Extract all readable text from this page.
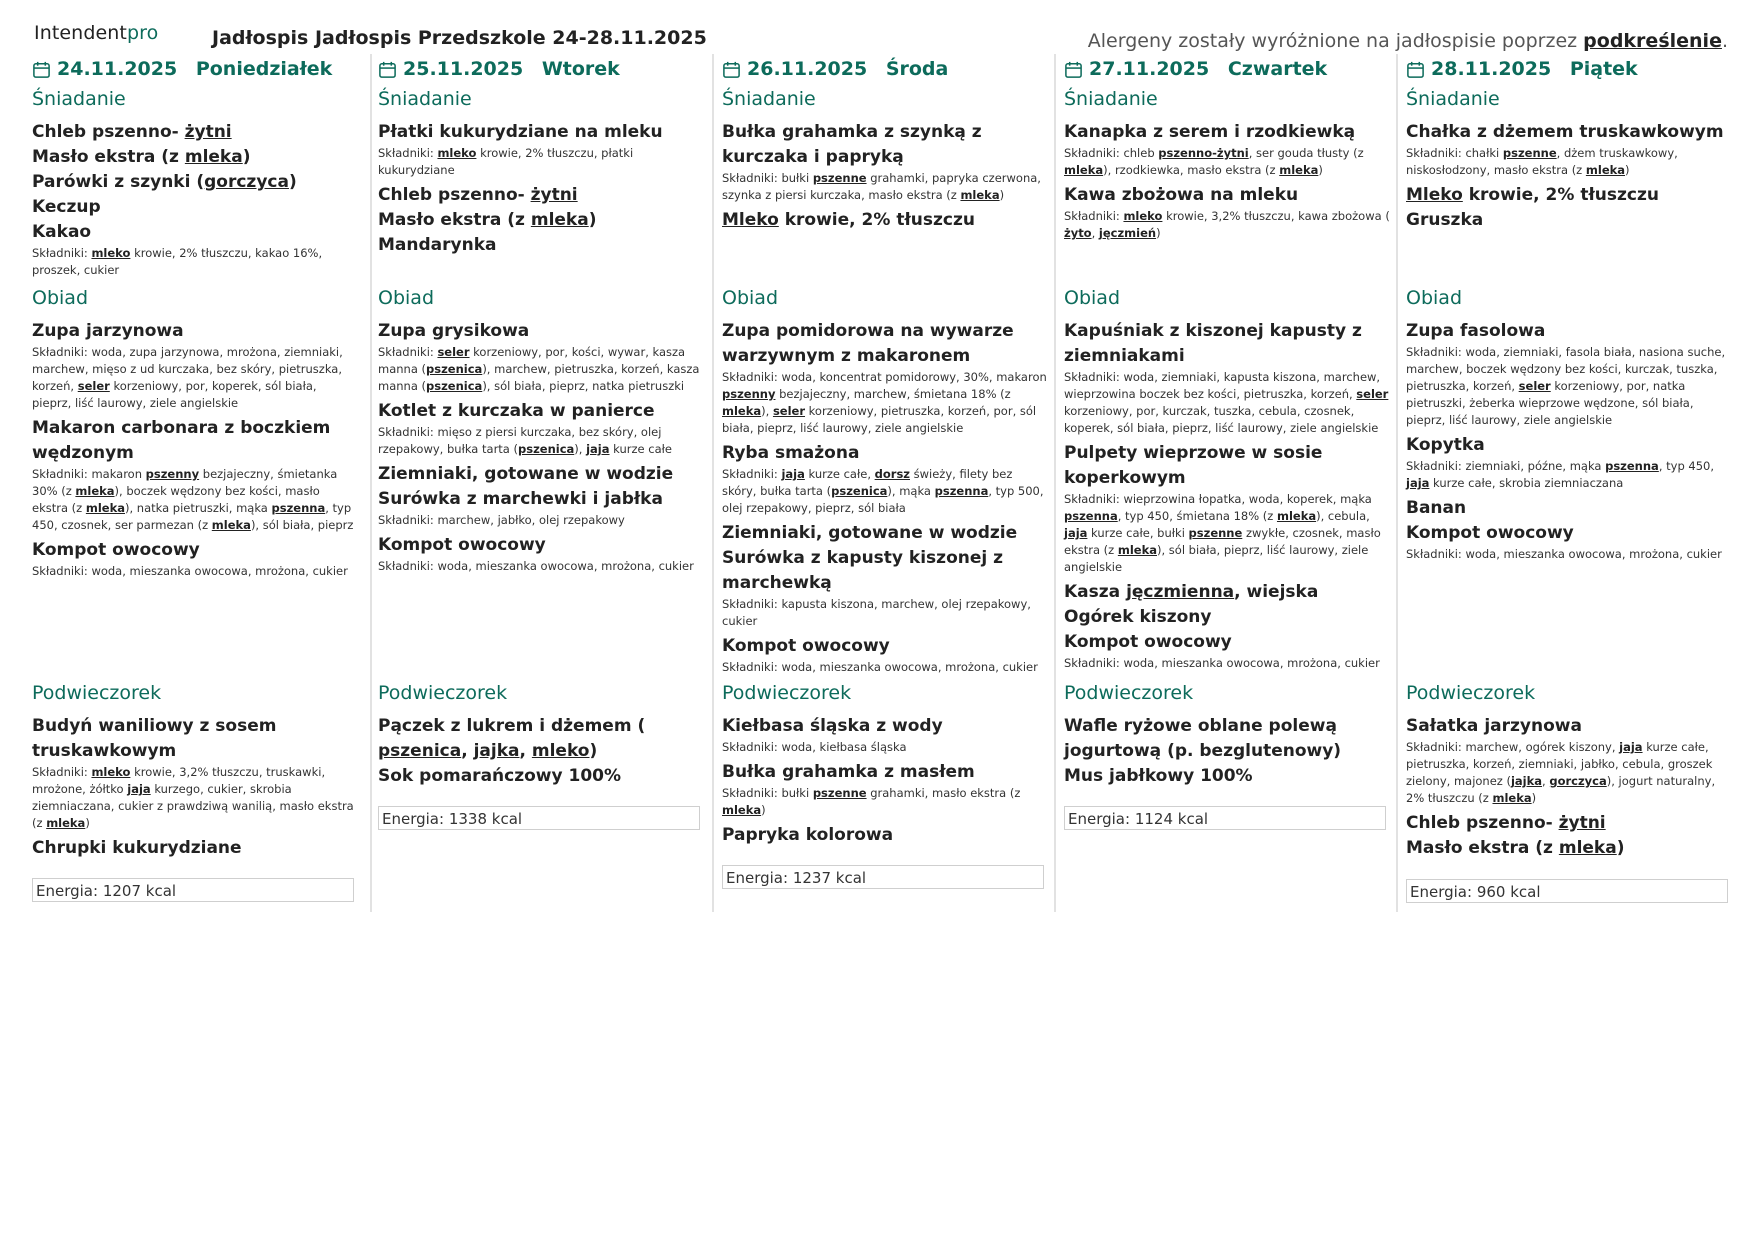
Intendentpro	Jadłospis Jadłospis Przedszkole 24-28.11.2025	Alergeny zostały wyróżnione na jadłospisie poprzez podkreślenie.
24.11.2025
Poniedziałek
Śniadanie

Chleb pszenno- żytni

Masło ekstra (z mleka)

Parówki z szynki (gorczyca)

Keczup

Kakao

Składniki: mleko krowie, 2% tłuszczu, kakao 16%, proszek, cukier

Obiad

Zupa jarzynowa

Składniki: woda, zupa jarzynowa, mrożona, ziemniaki, marchew, mięso z ud kurczaka, bez skóry, pietruszka, korzeń, seler korzeniowy, por, koperek, sól biała, pieprz, liść laurowy, ziele angielskie

Makaron carbonara z boczkiem wędzonym

Składniki: makaron pszenny bezjajeczny, śmietanka 30% (z mleka), boczek wędzony bez kości, masło ekstra (z mleka), natka pietruszki, mąka pszenna, typ 450, czosnek, ser parmezan (z mleka), sól biała, pieprz

Kompot owocowy

Składniki: woda, mieszanka owocowa, mrożona, cukier

Podwieczorek

Budyń waniliowy z sosem truskawkowym

Składniki: mleko krowie, 3,2% tłuszczu, truskawki, mrożone, żółtko jaja kurzego, cukier, skrobia ziemniaczana, cukier z prawdziwą wanilią, masło ekstra (z mleka)

Chrupki kukurydziane

Energia: 1207 kcal
25.11.2025
Wtorek
Śniadanie

Płatki kukurydziane na mleku

Składniki: mleko krowie, 2% tłuszczu, płatki kukurydziane

Chleb pszenno- żytni

Masło ekstra (z mleka)

Mandarynka

Obiad

Zupa grysikowa

Składniki: seler korzeniowy, por, kości, wywar, kasza manna (pszenica), marchew, pietruszka, korzeń, kasza manna (pszenica), sól biała, pieprz, natka pietruszki

Kotlet z kurczaka w panierce

Składniki: mięso z piersi kurczaka, bez skóry, olej rzepakowy, bułka tarta (pszenica), jaja kurze całe

Ziemniaki, gotowane w wodzie

Surówka z marchewki i jabłka

Składniki: marchew, jabłko, olej rzepakowy

Kompot owocowy

Składniki: woda, mieszanka owocowa, mrożona, cukier

Podwieczorek

Pączek z lukrem i dżemem ( pszenica, jajka, mleko)

Sok pomarańczowy 100%

Energia: 1338 kcal
26.11.2025
Środa
Śniadanie

Bułka grahamka z szynką z kurczaka i papryką

Składniki: bułki pszenne grahamki, papryka czerwona, szynka z piersi kurczaka, masło ekstra (z mleka)

Mleko krowie, 2% tłuszczu

Obiad

Zupa pomidorowa na wywarze warzywnym z makaronem

Składniki: woda, koncentrat pomidorowy, 30%, makaron pszenny bezjajeczny, marchew, śmietana 18% (z mleka), seler korzeniowy, pietruszka, korzeń, por, sól biała, pieprz, liść laurowy, ziele angielskie

Ryba smażona

Składniki: jaja kurze całe, dorsz świeży, filety bez skóry, bułka tarta (pszenica), mąka pszenna, typ 500, olej rzepakowy, pieprz, sól biała

Ziemniaki, gotowane w wodzie

Surówka z kapusty kiszonej z marchewką

Składniki: kapusta kiszona, marchew, olej rzepakowy, cukier

Kompot owocowy

Składniki: woda, mieszanka owocowa, mrożona, cukier

Podwieczorek

Kiełbasa śląska z wody

Składniki: woda, kiełbasa śląska

Bułka grahamka z masłem

Składniki: bułki pszenne grahamki, masło ekstra (z mleka)

Papryka kolorowa

Energia: 1237 kcal
27.11.2025
Czwartek
Śniadanie

Kanapka z serem i rzodkiewką

Składniki: chleb pszenno-żytni, ser gouda tłusty (z mleka), rzodkiewka, masło ekstra (z mleka)

Kawa zbożowa na mleku

Składniki: mleko krowie, 3,2% tłuszczu, kawa zbożowa ( żyto, jęczmień)

Obiad

Kapuśniak z kiszonej kapusty z ziemniakami

Składniki: woda, ziemniaki, kapusta kiszona, marchew, wieprzowina boczek bez kości, pietruszka, korzeń, seler korzeniowy, por, kurczak, tuszka, cebula, czosnek, koperek, sól biała, pieprz, liść laurowy, ziele angielskie

Pulpety wieprzowe w sosie koperkowym

Składniki: wieprzowina łopatka, woda, koperek, mąka pszenna, typ 450, śmietana 18% (z mleka), cebula, jaja kurze całe, bułki pszenne zwykłe, czosnek, masło ekstra (z mleka), sól biała, pieprz, liść laurowy, ziele angielskie

Kasza jęczmienna, wiejska

Ogórek kiszony

Kompot owocowy

Składniki: woda, mieszanka owocowa, mrożona, cukier

Podwieczorek

Wafle ryżowe oblane polewą jogurtową (p. bezglutenowy)

Mus jabłkowy 100%

Energia: 1124 kcal
28.11.2025
Piątek
Śniadanie

Chałka z dżemem truskawkowym

Składniki: chałki pszenne, dżem truskawkowy, niskosłodzony, masło ekstra (z mleka)

Mleko krowie, 2% tłuszczu

Gruszka

Obiad

Zupa fasolowa

Składniki: woda, ziemniaki, fasola biała, nasiona suche, marchew, boczek wędzony bez kości, kurczak, tuszka, pietruszka, korzeń, seler korzeniowy, por, natka pietruszki, żeberka wieprzowe wędzone, sól biała, pieprz, liść laurowy, ziele angielskie

Kopytka

Składniki: ziemniaki, późne, mąka pszenna, typ 450, jaja kurze całe, skrobia ziemniaczana

Banan

Kompot owocowy

Składniki: woda, mieszanka owocowa, mrożona, cukier

Podwieczorek

Sałatka jarzynowa

Składniki: marchew, ogórek kiszony, jaja kurze całe, pietruszka, korzeń, ziemniaki, jabłko, cebula, groszek zielony, majonez (jajka, gorczyca), jogurt naturalny, 2% tłuszczu (z mleka)

Chleb pszenno- żytni

Masło ekstra (z mleka)

Energia: 960 kcal
